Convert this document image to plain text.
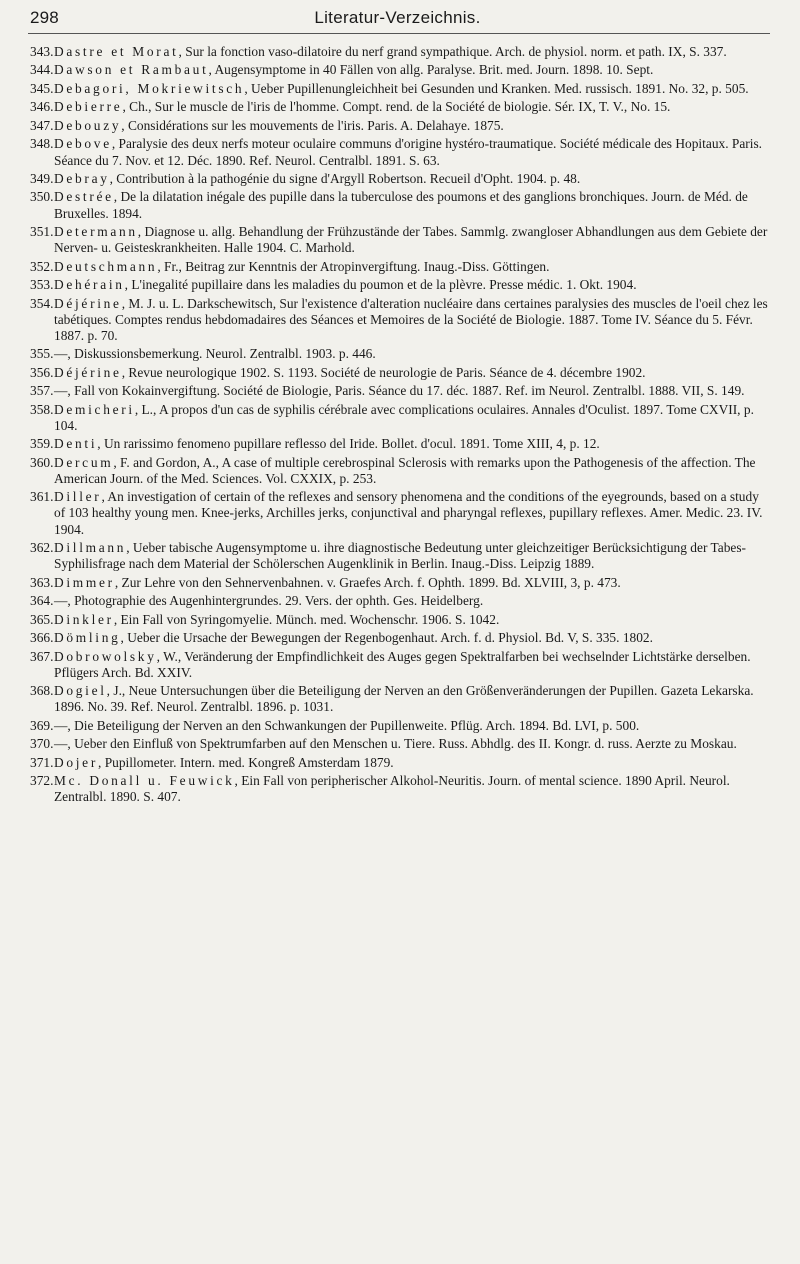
298	Literatur-Verzeichnis.
343. Dastre et Morat, Sur la fonction vaso-dilatoire du nerf grand sympathique. Arch. de physiol. norm. et path. IX, S. 337.
344. Dawson et Rambaut, Augensymptome in 40 Fällen von allg. Paralyse. Brit. med. Journ. 1898. 10. Sept.
345. Debagori, Mokriewitsch, Ueber Pupillenungleichheit bei Gesunden und Kranken. Med. russisch. 1891. No. 32, p. 505.
346. Debierre, Ch., Sur le muscle de l'iris de l'homme. Compt. rend. de la Société de biologie. Sér. IX, T. V., No. 15.
347. Debouzy, Considérations sur les mouvements de l'iris. Paris. A. Delahaye. 1875.
348. Debove, Paralysie des deux nerfs moteur oculaire communs d'origine hystéro-traumatique. Société médicale des Hopitaux. Paris. Séance du 7. Nov. et 12. Déc. 1890. Ref. Neurol. Centralbl. 1891. S. 63.
349. Debray, Contribution à la pathogénie du signe d'Argyll Robertson. Recueil d'Opht. 1904. p. 48.
350. Destrée, De la dilatation inégale des pupille dans la tuberculose des poumons et des ganglions bronchiques. Journ. de Méd. de Bruxelles. 1894.
351. Determann, Diagnose u. allg. Behandlung der Frühzustände der Tabes. Sammlg. zwangloser Abhandlungen aus dem Gebiete der Nerven- u. Geisteskrankheiten. Halle 1904. C. Marhold.
352. Deutschmann, Fr., Beitrag zur Kenntnis der Atropinvergiftung. Inaug.-Diss. Göttingen.
353. Dehérain, L'inegalité pupillaire dans les maladies du poumon et de la plèvre. Presse médic. 1. Okt. 1904.
354. Déjérine, M. J. u. L. Darkschewitsch, Sur l'existence d'alteration nucléaire dans certaines paralysies des muscles de l'oeil chez les tabétiques. Comptes rendus hebdomadaires des Séances et Memoires de la Société de Biologie. 1887. Tome IV. Séance du 5. Févr. 1887. p. 70.
355. —, Diskussionsbemerkung. Neurol. Zentralbl. 1903. p. 446.
356. Déjérine, Revue neurologique 1902. S. 1193. Société de neurologie de Paris. Séance de 4. décembre 1902.
357. —, Fall von Kokainvergiftung. Société de Biologie, Paris. Séance du 17. déc. 1887. Ref. im Neurol. Zentralbl. 1888. VII, S. 149.
358. Demicheri, L., A propos d'un cas de syphilis cérébrale avec complications oculaires. Annales d'Oculist. 1897. Tome CXVII, p. 104.
359. Denti, Un rarissimo fenomeno pupillare reflesso del Iride. Bollet. d'ocul. 1891. Tome XIII, 4, p. 12.
360. Dercum, F. and Gordon, A., A case of multiple cerebrospinal Sclerosis with remarks upon the Pathogenesis of the affection. The American Journ. of the Med. Sciences. Vol. CXXIX, p. 253.
361. Diller, An investigation of certain of the reflexes and sensory phenomena and the conditions of the eyegrounds, based on a study of 103 healthy young men. Knee-jerks, Archilles jerks, conjunctival and pharyngal reflexes, pupillary reflexes. Amer. Medic. 23. IV. 1904.
362. Dillmann, Ueber tabische Augensymptome u. ihre diagnostische Bedeutung unter gleichzeitiger Berücksichtigung der Tabes-Syphilisfrage nach dem Material der Schölerschen Augenklinik in Berlin. Inaug.-Diss. Leipzig 1889.
363. Dimmer, Zur Lehre von den Sehnervenbahnen. v. Graefes Arch. f. Ophth. 1899. Bd. XLVIII, 3, p. 473.
364. —, Photographie des Augenhintergrundes. 29. Vers. der ophth. Ges. Heidelberg.
365. Dinkler, Ein Fall von Syringomyelie. Münch. med. Wochenschr. 1906. S. 1042.
366. Dömling, Ueber die Ursache der Bewegungen der Regenbogenhaut. Arch. f. d. Physiol. Bd. V, S. 335. 1802.
367. Dobrowolsky, W., Veränderung der Empfindlichkeit des Auges gegen Spektralfarben bei wechselnder Lichtstärke derselben. Pflügers Arch. Bd. XXIV.
368. Dogiel, J., Neue Untersuchungen über die Beteiligung der Nerven an den Größenveränderungen der Pupillen. Gazeta Lekarska. 1896. No. 39. Ref. Neurol. Zentralbl. 1896. p. 1031.
369. —, Die Beteiligung der Nerven an den Schwankungen der Pupillenweite. Pflüg. Arch. 1894. Bd. LVI, p. 500.
370. —, Ueber den Einfluß von Spektrumfarben auf den Menschen u. Tiere. Russ. Abhdlg. des II. Kongr. d. russ. Aerzte zu Moskau.
371. Dojer, Pupillometer. Intern. med. Kongreß Amsterdam 1879.
372. Mc. Donall u. Feuwick, Ein Fall von peripherischer Alkohol-Neuritis. Journ. of mental science. 1890 April. Neurol. Zentralbl. 1890. S. 407.
